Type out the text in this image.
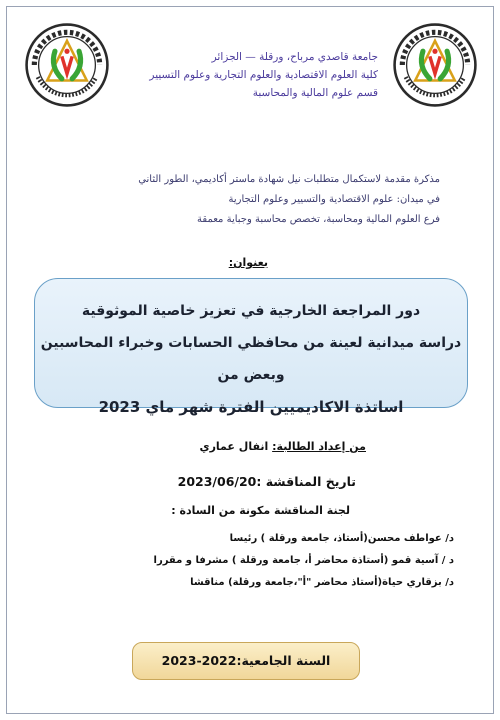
جامعة قاصدي مرباح، ورقلة — الجزائر
كلية العلوم الاقتصادية والعلوم التجارية وعلوم التسيير
قسم علوم المالية والمحاسبة
مذكرة مقدمة لاستكمال متطلبات نيل شهادة ماستر أكاديمي، الطور الثاني
في ميدان: علوم الاقتصادية والتسيير وعلوم التجارية
فرع العلوم المالية ومحاسبة، تخصص محاسبة وجباية معمقة
بعنوان:
دور المراجعة الخارجية في تعزيز خاصية الموثوقية
دراسة ميدانية لعينة من محافظي الحسابات وخبراء المحاسبين وبعض من
اساتذة الاكاديميين الفترة شهر ماي 2023
من إعداد الطالبة: انفال عماري
تاريخ المناقشة :2023/06/20
لجنة المناقشة مكونة من السادة :
د/ عواطف محسن(أستاذ، جامعة ورقلة ) رئيسا
د / آسية قمو (أستاذة محاضر أ، جامعة ورقلة ) مشرفا و مقررا
د/ بزقاري حياة(أستاذ محاضر "أ"،جامعة ورقلة) مناقشا
السنة الجامعية:2022-2023
